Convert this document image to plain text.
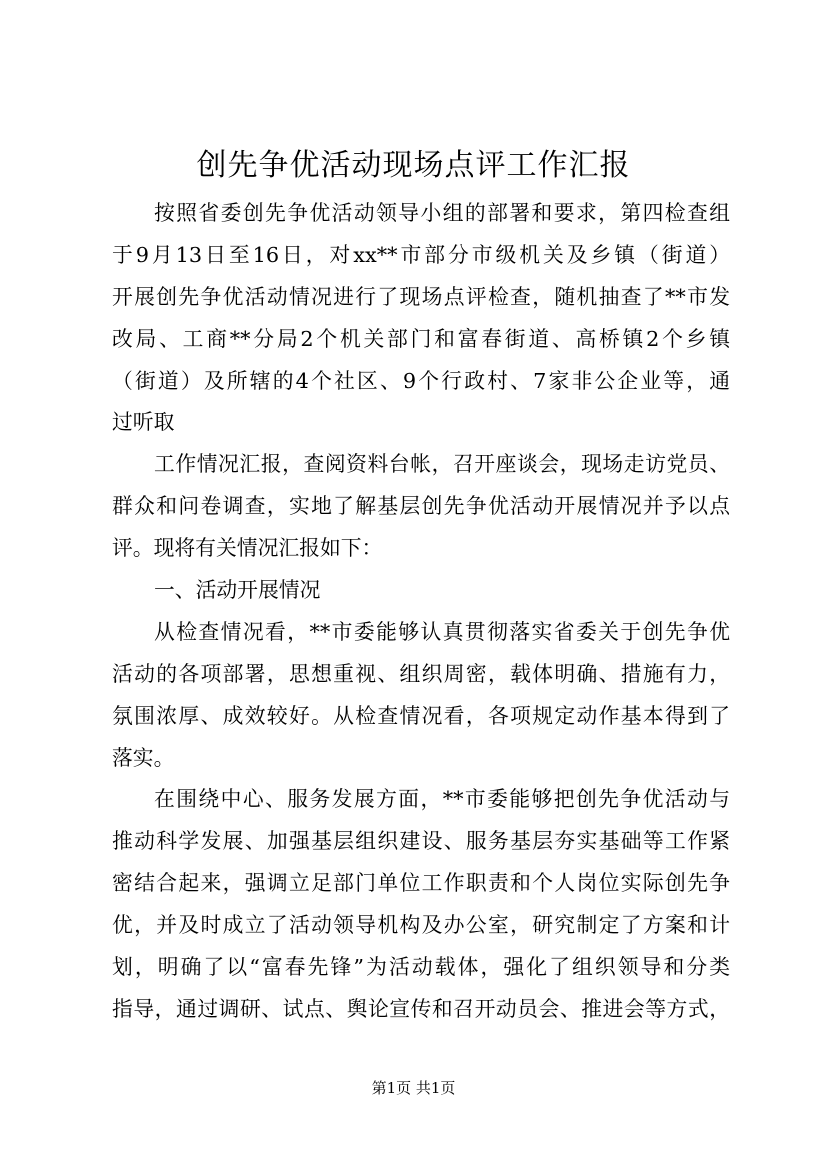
创先争优活动现场点评工作汇报

按照省委创先争优活动领导小组的部署和要求，第四检查组
于9月13日至16日，对xx**市部分市级机关及乡镇（街道）
开展创先争优活动情况进行了现场点评检查，随机抽查了**市发
改局、工商**分局2个机关部门和富春街道、高桥镇2个乡镇
（街道）及所辖的4个社区、9个行政村、7家非公企业等，通
过听取

工作情况汇报，查阅资料台帐，召开座谈会，现场走访党员、
群众和问卷调查，实地了解基层创先争优活动开展情况并予以点
评。现将有关情况汇报如下：

一、活动开展情况

从检查情况看，**市委能够认真贯彻落实省委关于创先争优
活动的各项部署，思想重视、组织周密，载体明确、措施有力，
氛围浓厚、成效较好。从检查情况看，各项规定动作基本得到了
落实。

在围绕中心、服务发展方面，**市委能够把创先争优活动与
推动科学发展、加强基层组织建设、服务基层夯实基础等工作紧
密结合起来，强调立足部门单位工作职责和个人岗位实际创先争
优，并及时成立了活动领导机构及办公室，研究制定了方案和计
划，明确了以“富春先锋”为活动载体，强化了组织领导和分类
指导，通过调研、试点、舆论宣传和召开动员会、推进会等方式，

第1页 共1页
